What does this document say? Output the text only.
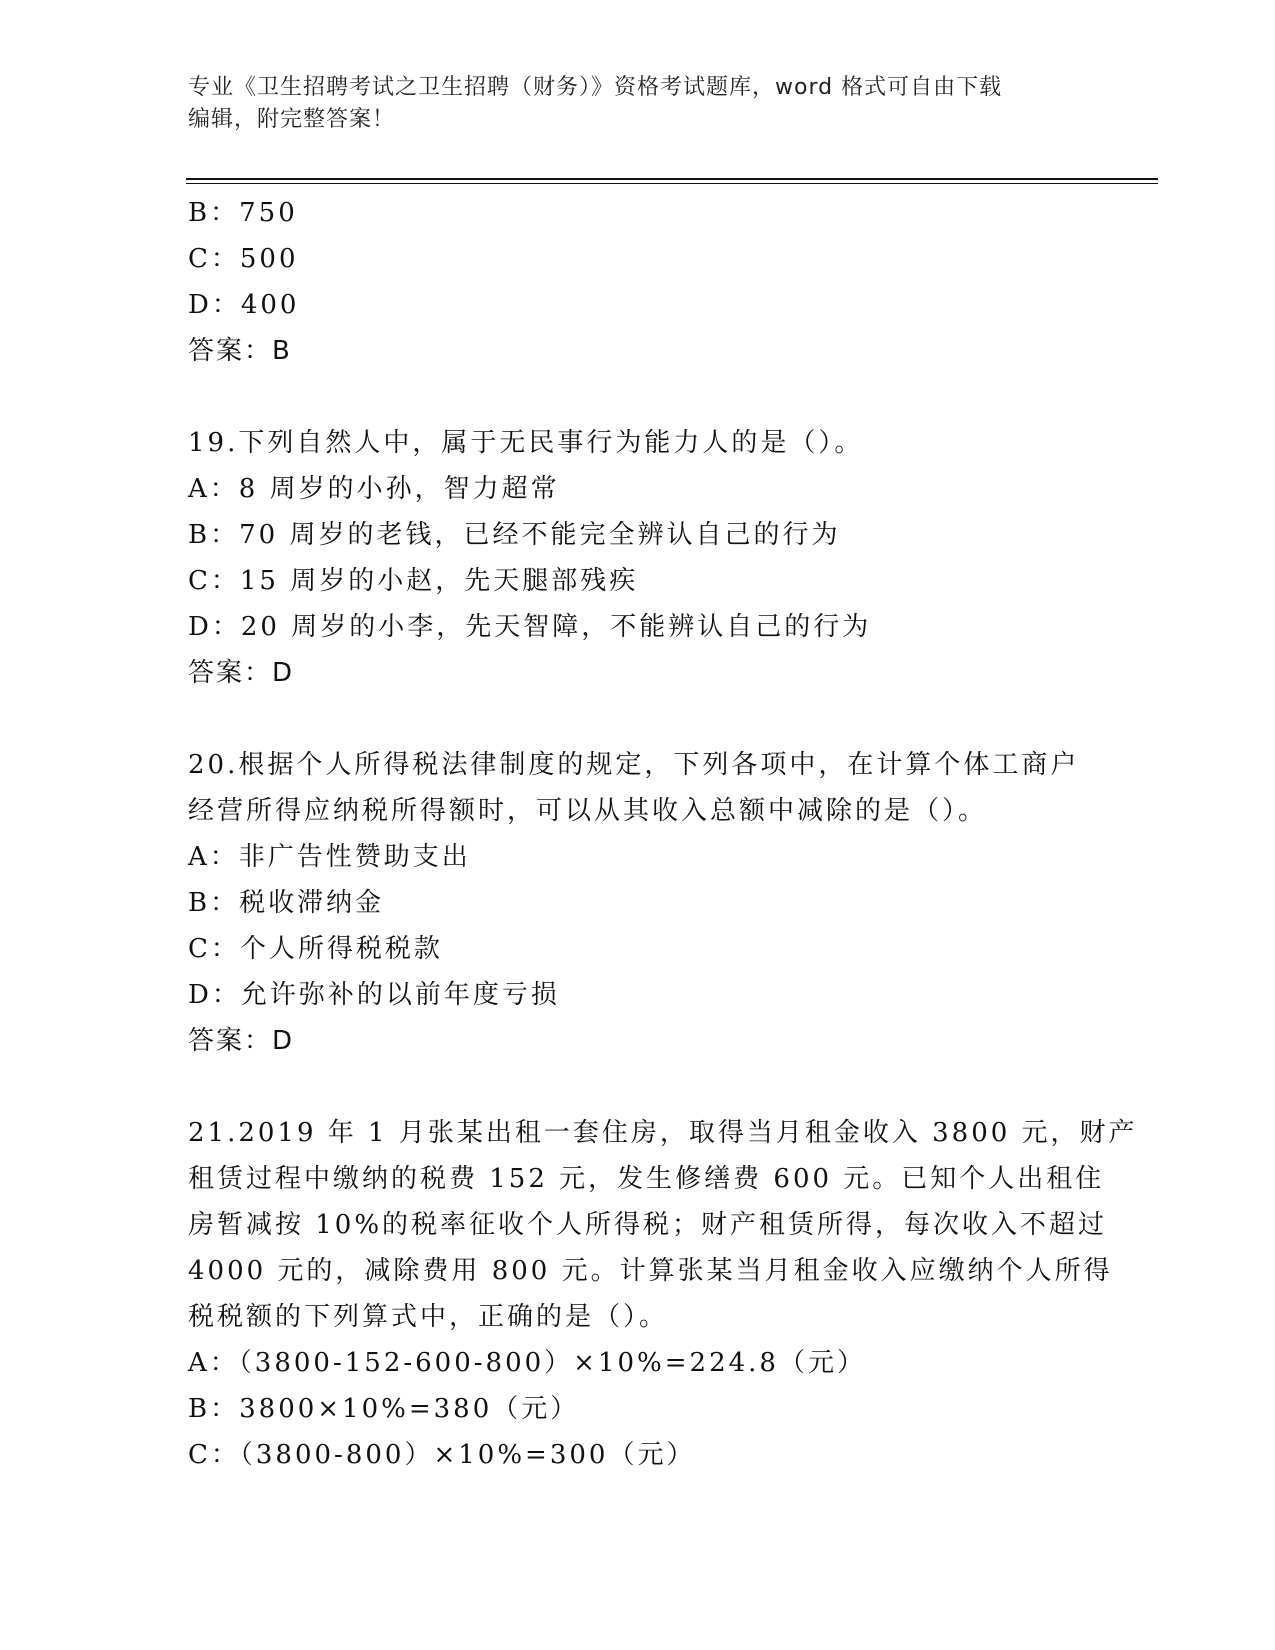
专业《卫生招聘考试之卫生招聘（财务）》资格考试题库，word 格式可自由下载
编辑，附完整答案！
B：750
C：500
D：400
答案：B
19.下列自然人中，属于无民事行为能力人的是（）。
A：8 周岁的小孙，智力超常
B：70 周岁的老钱，已经不能完全辨认自己的行为
C：15 周岁的小赵，先天腿部残疾
D：20 周岁的小李，先天智障，不能辨认自己的行为
答案：D
20.根据个人所得税法律制度的规定，下列各项中，在计算个体工商户
经营所得应纳税所得额时，可以从其收入总额中减除的是（）。
A：非广告性赞助支出
B：税收滞纳金
C：个人所得税税款
D：允许弥补的以前年度亏损
答案：D
21.2019 年 1 月张某出租一套住房，取得当月租金收入 3800 元，财产
租赁过程中缴纳的税费 152 元，发生修缮费 600 元。已知个人出租住
房暂减按 10%的税率征收个人所得税；财产租赁所得，每次收入不超过
4000 元的，减除费用 800 元。计算张某当月租金收入应缴纳个人所得
税税额的下列算式中，正确的是（）。
A：（3800-152-600-800）×10%=224.8（元）
B：3800×10%=380（元）
C：（3800-800）×10%=300（元）
